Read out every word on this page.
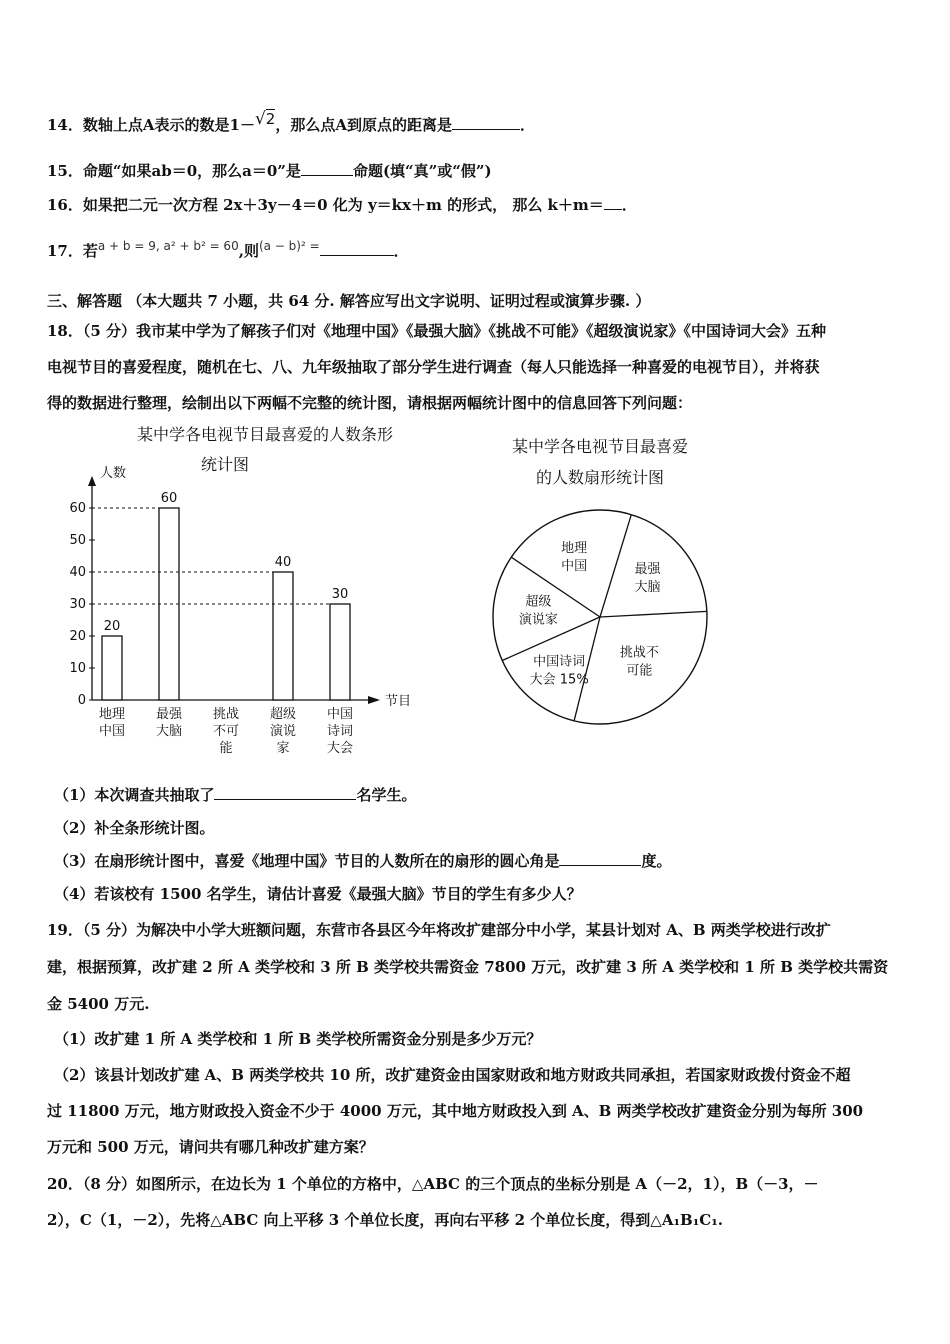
14．数轴上点A表示的数是1－√2，那么点A到原点的距离是	．
15．命题“如果ab＝0，那么a＝0”是	命题(填“真”或“假”)
16．如果把二元一次方程 2x＋3y－4＝0 化为 y＝kx＋m 的形式， 那么 k＋m＝ ．
17．若$^{a + b = 9, a^2 + b^2 = 60}$,则$^{(a - b)^2 =}$	．
三、解答题 （本大题共 7 小题，共 64 分. 解答应写出文字说明、证明过程或演算步骤. ）
18．（5 分）我市某中学为了解孩子们对《地理中国》《最强大脑》《挑战不可能》《超级演说家》《中国诗词大会》五种
电视节目的喜爱程度，随机在七、八、九年级抽取了部分学生进行调查（每人只能选择一种喜爱的电视节目），并将获
得的数据进行整理，绘制出以下两幅不完整的统计图，请根据两幅统计图中的信息回答下列问题：
某中学各电视节目最喜爱的人数条形
统计图
人数
节目
0
10
20
30
40
50
60
20
地理
中国
60
最强
大脑
挑战
不可
能
40
超级
演说
家
30
中国
诗词
大会
某中学各电视节目最喜爱
的人数扇形统计图
地理
中国	最强
大脑
挑战不
可能
中国诗词
大会 15%
超级
演说家
（1）本次调查共抽取了	名学生。
（2）补全条形统计图。
（3）在扇形统计图中，喜爱《地理中国》节目的人数所在的扇形的圆心角是	度。
（4）若该校有 1500 名学生，请估计喜爱《最强大脑》节目的学生有多少人？
19．（5 分）为解决中小学大班额问题，东营市各县区今年将改扩建部分中小学，某县计划对 A、B 两类学校进行改扩
建，根据预算，改扩建 2 所 A 类学校和 3 所 B 类学校共需资金 7800 万元，改扩建 3 所 A 类学校和 1 所 B 类学校共需资
金 5400 万元.
（1）改扩建 1 所 A 类学校和 1 所 B 类学校所需资金分别是多少万元？
（2）该县计划改扩建 A、B 两类学校共 10 所，改扩建资金由国家财政和地方财政共同承担，若国家财政拨付资金不超
过 11800 万元，地方财政投入资金不少于 4000 万元，其中地方财政投入到 A、B 两类学校改扩建资金分别为每所 300
万元和 500 万元，请问共有哪几种改扩建方案？
20．（8 分）如图所示，在边长为 1 个单位的方格中，△ABC 的三个顶点的坐标分别是 A（－2，1），B（－3，－
2），C（1，－2），先将△ABC 向上平移 3 个单位长度，再向右平移 2 个单位长度，得到△A₁B₁C₁.
